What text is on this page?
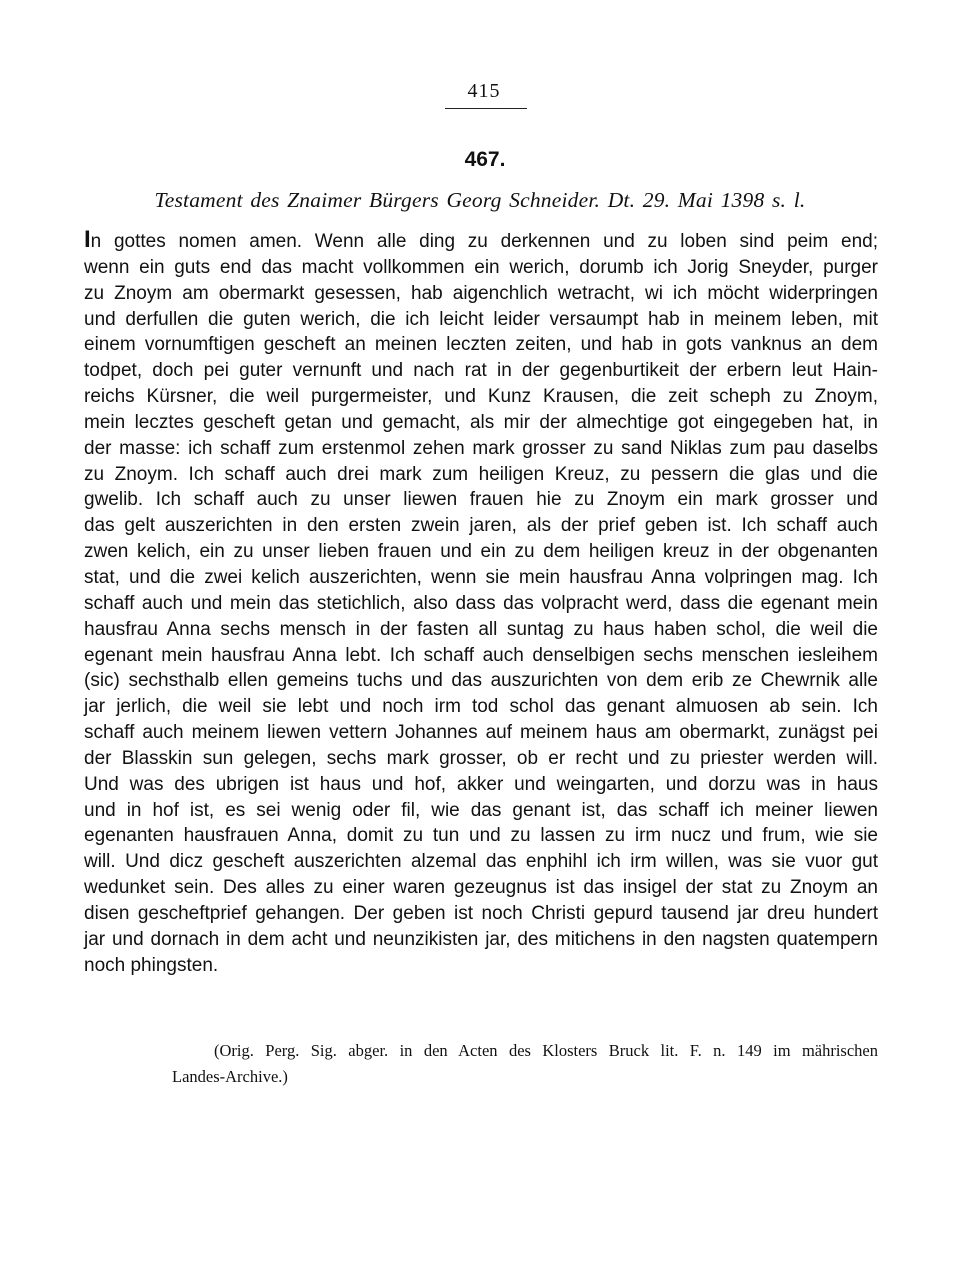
415
467.
Testament des Znaimer Bürgers Georg Schneider. Dt. 29. Mai 1398 s. l.
In gottes nomen amen. Wenn alle ding zu derkennen und zu loben sind peim end;
wenn ein guts end das macht vollkommen ein werich, dorumb ich Jorig Sneyder, purger
zu Znoym am obermarkt gesessen, hab aigenchlich wetracht, wi ich möcht widerpringen
und derfullen die guten werich, die ich leicht leider versaumpt hab in meinem leben, mit
einem vornumftigen gescheft an meinen leczten zeiten, und hab in gots vanknus an dem
todpet, doch pei guter vernunft und nach rat in der gegenburtikeit der erbern leut Hain-
reichs Kürsner, die weil purgermeister, und Kunz Krausen, die zeit scheph zu Znoym,
mein lecztes gescheft getan und gemacht, als mir der almechtige got eingegeben hat, in
der masse: ich schaff zum erstenmol zehen mark grosser zu sand Niklas zum pau daselbs
zu Znoym. Ich schaff auch drei mark zum heiligen Kreuz, zu pessern die glas und die
gwelib. Ich schaff auch zu unser liewen frauen hie zu Znoym ein mark grosser und
das gelt auszerichten in den ersten zwein jaren, als der prief geben ist. Ich schaff auch
zwen kelich, ein zu unser lieben frauen und ein zu dem heiligen kreuz in der obgenanten
stat, und die zwei kelich auszerichten, wenn sie mein hausfrau Anna volpringen mag. Ich
schaff auch und mein das stetichlich, also dass das volpracht werd, dass die egenant mein
hausfrau Anna sechs mensch in der fasten all suntag zu haus haben schol, die weil die
egenant mein hausfrau Anna lebt. Ich schaff auch denselbigen sechs menschen iesleihem
(sic) sechsthalb ellen gemeins tuchs und das auszurichten von dem erib ze Chewrnik alle
jar jerlich, die weil sie lebt und noch irm tod schol das genant almuosen ab sein. Ich
schaff auch meinem liewen vettern Johannes auf meinem haus am obermarkt, zunägst pei
der Blasskin sun gelegen, sechs mark grosser, ob er recht und zu priester werden will.
Und was des ubrigen ist haus und hof, akker und weingarten, und dorzu was in haus
und in hof ist, es sei wenig oder fil, wie das genant ist, das schaff ich meiner liewen
egenanten hausfrauen Anna, domit zu tun und zu lassen zu irm nucz und frum, wie sie
will. Und dicz gescheft auszerichten alzemal das enphihl ich irm willen, was sie vuor gut
wedunket sein. Des alles zu einer waren gezeugnus ist das insigel der stat zu Znoym an
disen gescheftprief gehangen. Der geben ist noch Christi gepurd tausend jar dreu hundert
jar und dornach in dem acht und neunzikisten jar, des mitichens in den nagsten quatempern
noch phingsten.
(Orig. Perg. Sig. abger. in den Acten des Klosters Bruck lit. F. n. 149 im mährischen
Landes-Archive.)
